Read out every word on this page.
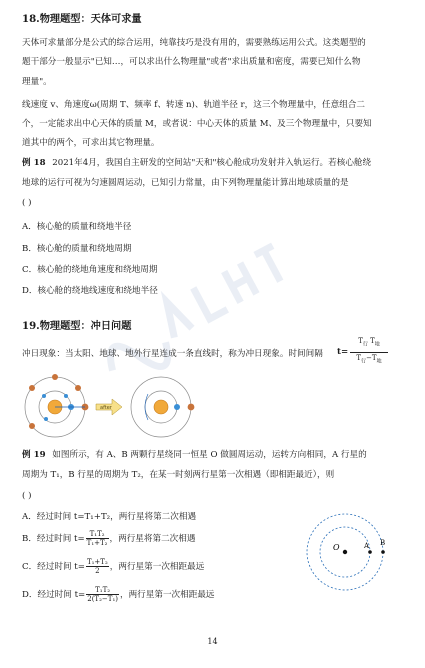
18.物理题型：天体可求量
天体可求量部分是公式的综合运用，纯靠技巧是没有用的，需要熟练运用公式。这类题型的
题干部分一般显示"已知…，可以求出什么物理量"或者"求出质量和密度，需要已知什么物
理量"。
线速度 v、角速度ω(周期 T、频率 f、转速 n)、轨道半径 r，这三个物理量中，任意组合二
个，一定能求出中心天体的质量 M，或者说：中心天体的质量 M、及三个物理量中，只要知
道其中的两个，可求出其它物理量。
例 18 2021年4月，我国自主研发的空间站"天和"核心舱成功发射并入轨运行。若核心舱绕
地球的运行可视为匀速圆周运动，已知引力常量，由下列物理量能计算出地球质量的是
( )
A．核心舱的质量和绕地半径
B．核心舱的质量和绕地周期
C．核心舱的绕地角速度和绕地周期
D．核心舱的绕地线速度和绕地半径
19.物理题型：冲日问题
冲日现象：当太阳、地球、地外行星连成一条直线时，称为冲日现象。时间间隔 t=
$T_行$ $T_地$
$T_行-T_地$
after
例 19 如图所示，有 A、B 两颗行星绕同一恒星 O 做圆周运动，运转方向相同，A 行星的
周期为 T₁，B 行星的周期为 T₂，在某一时刻两行星第一次相遇（即相距最近），则
( )
A．经过时间 t=T₁+T₂，两行星将第二次相遇
B．经过时间 $t= \frac{\text{T₁T₂}}{\text{T₁+T₂}}$ ，两行星将第二次相遇
C．经过时间 $t= \frac{\text{T₁+T₂}}{2}$ ，两行星第一次相距最远
D．经过时间 $t= \frac{\text{T₁T₂}}{\text{2(T₂−T₁)}}$ ，两行星第一次相距最远
O	A B
14
